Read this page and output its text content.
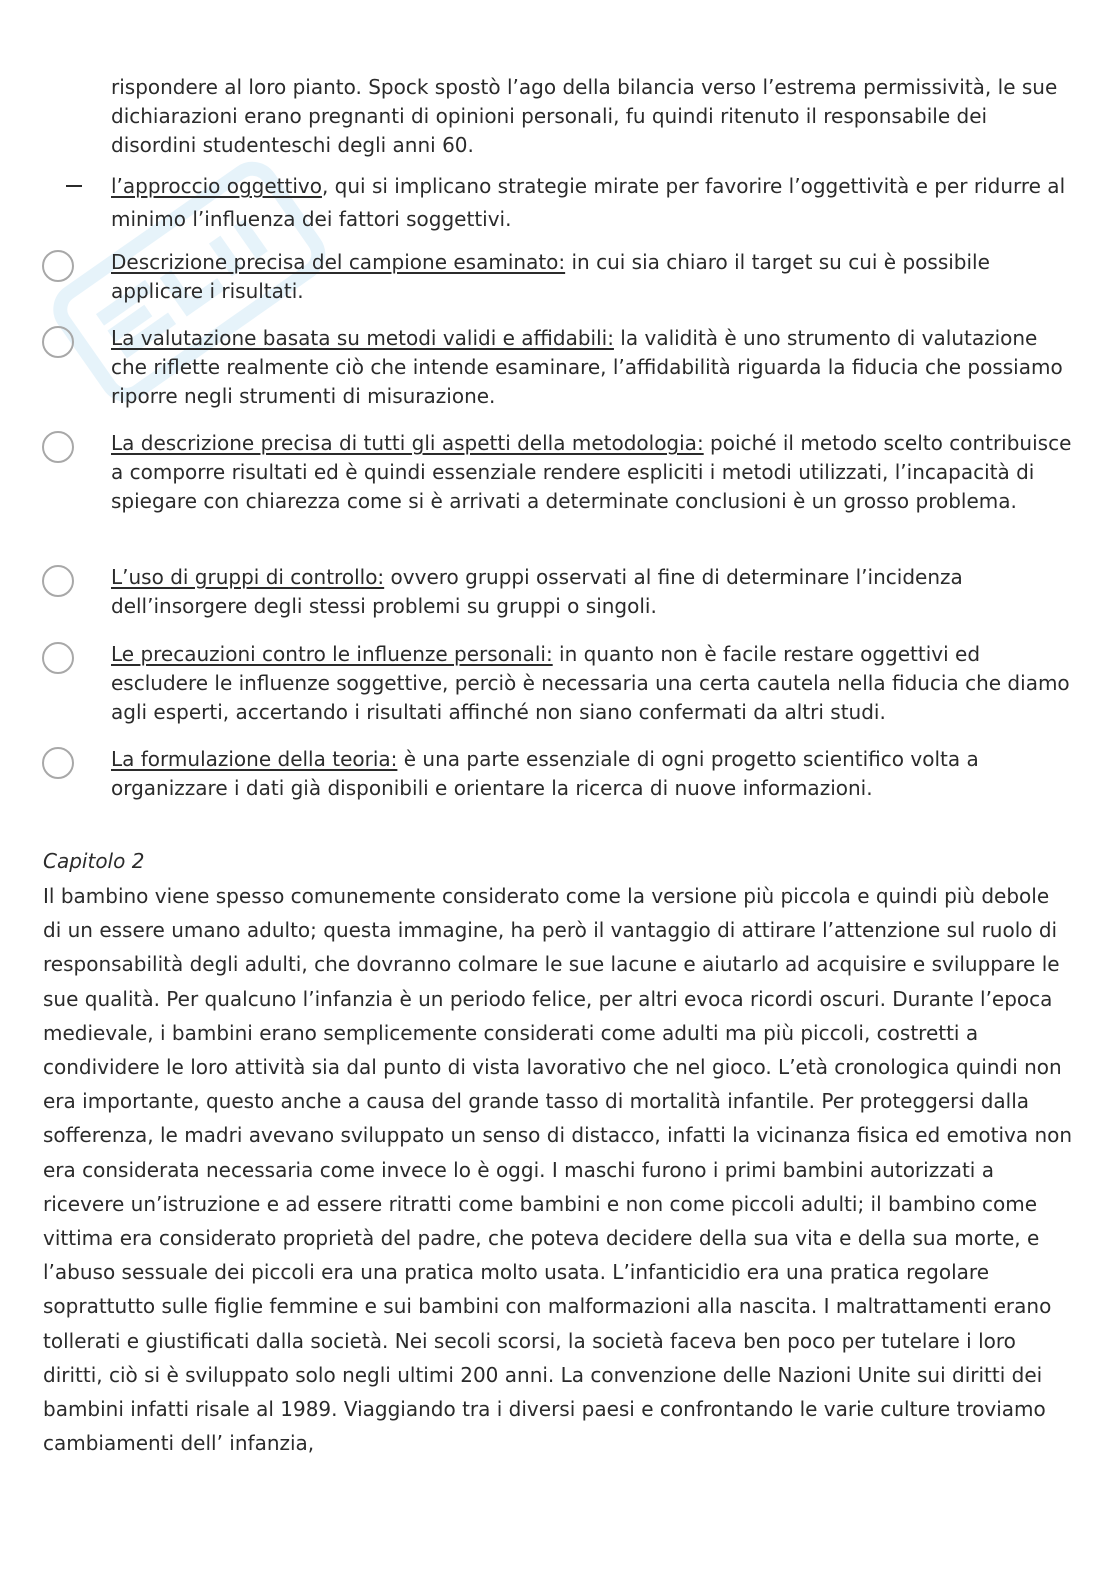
rispondere al loro pianto. Spock spostò l’ago della bilancia verso l’estrema permissività, le sue dichiarazioni erano pregnanti di opinioni personali, fu quindi ritenuto il responsabile dei disordini studenteschi degli anni 60.

l’approccio oggettivo, qui si implicano strategie mirate per favorire l’oggettività e per ridurre al minimo l’influenza dei fattori soggettivi.

Descrizione precisa del campione esaminato: in cui sia chiaro il target su cui è possibile applicare i risultati.

La valutazione basata su metodi validi e affidabili: la validità è uno strumento di valutazione che riflette realmente ciò che intende esaminare, l’affidabilità riguarda la fiducia che possiamo riporre negli strumenti di misurazione.

La descrizione precisa di tutti gli aspetti della metodologia: poiché il metodo scelto contribuisce a comporre risultati ed è quindi essenziale rendere espliciti i metodi utilizzati, l’incapacità di spiegare con chiarezza come si è arrivati a determinate conclusioni è un grosso problema.

L’uso di gruppi di controllo: ovvero gruppi osservati al fine di determinare l’incidenza dell’insorgere degli stessi problemi su gruppi o singoli.

Le precauzioni contro le influenze personali: in quanto non è facile restare oggettivi ed escludere le influenze soggettive, perciò è necessaria una certa cautela nella fiducia che diamo agli esperti, accertando i risultati affinché non siano confermati da altri studi.

La formulazione della teoria: è una parte essenziale di ogni progetto scientifico volta a organizzare i dati già disponibili e orientare la ricerca di nuove informazioni.

Capitolo 2

Il bambino viene spesso comunemente considerato come la versione più piccola e quindi più debole di un essere umano adulto; questa immagine, ha però il vantaggio di attirare l’attenzione sul ruolo di responsabilità degli adulti, che dovranno colmare le sue lacune e aiutarlo ad acquisire e sviluppare le sue qualità. Per qualcuno l’infanzia è un periodo felice, per altri evoca ricordi oscuri. Durante l’epoca medievale, i bambini erano semplicemente considerati come adulti ma più piccoli, costretti a condividere le loro attività sia dal punto di vista lavorativo che nel gioco. L’età cronologica quindi non era importante, questo anche a causa del grande tasso di mortalità infantile. Per proteggersi dalla sofferenza, le madri avevano sviluppato un senso di distacco, infatti la vicinanza fisica ed emotiva non era considerata necessaria come invece lo è oggi. I maschi furono i primi bambini autorizzati a ricevere un’istruzione e ad essere ritratti come bambini e non come piccoli adulti; il bambino come vittima era considerato proprietà del padre, che poteva decidere della sua vita e della sua morte, e l’abuso sessuale dei piccoli era una pratica molto usata. L’infanticidio era una pratica regolare soprattutto sulle figlie femmine e sui bambini con malformazioni alla nascita. I maltrattamenti erano tollerati e giustificati dalla società. Nei secoli scorsi, la società faceva ben poco per tutelare i loro diritti, ciò si è sviluppato solo negli ultimi 200 anni. La convenzione delle Nazioni Unite sui diritti dei bambini infatti risale al 1989. Viaggiando tra i diversi paesi e confrontando le varie culture troviamo cambiamenti dell’ infanzia,
